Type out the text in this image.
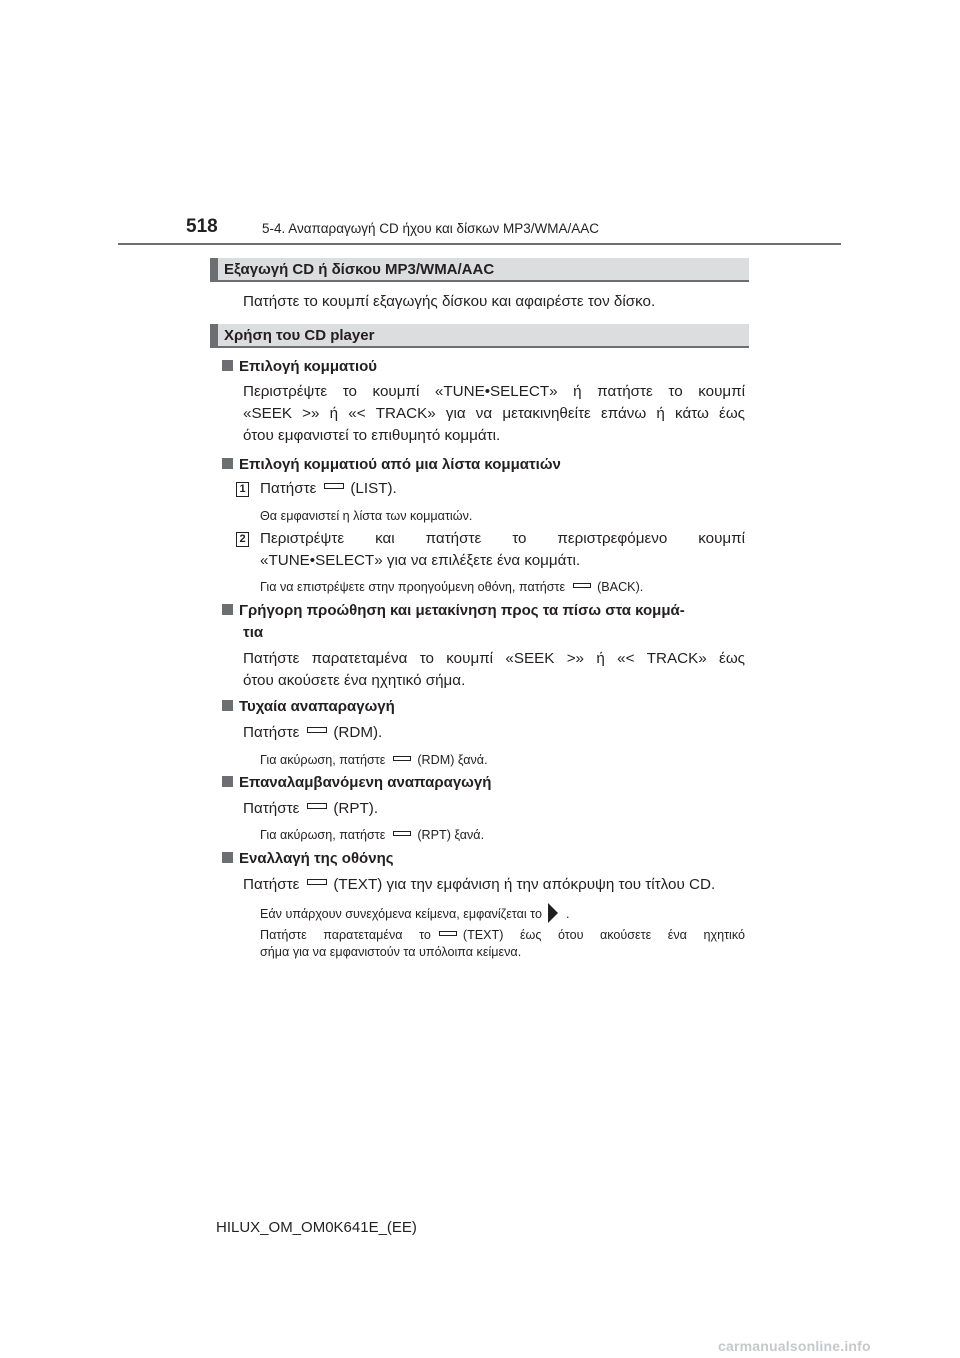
518	5-4. Αναπαραγωγή CD ήχου και δίσκων MP3/WMA/AAC
Εξαγωγή CD ή δίσκου MP3/WMA/AAC
Πατήστε το κουμπί εξαγωγής δίσκου και αφαιρέστε τον δίσκο.
Χρήση του CD player
Επιλογή κομματιού
Περιστρέψτε το κουμπί «TUNE•SELECT» ή πατήστε το κουμπί
«SEEK >» ή «< TRACK» για να μετακινηθείτε επάνω ή κάτω έως
ότου εμφανιστεί το επιθυμητό κομμάτι.
Επιλογή κομματιού από μια λίστα κομματιών
1 Πατήστε (LIST).
Θα εμφανιστεί η λίστα των κομματιών.
2 Περιστρέψτε και πατήστε το περιστρεφόμενο κουμπί
«TUNE•SELECT» για να επιλέξετε ένα κομμάτι.
Για να επιστρέψετε στην προηγούμενη οθόνη, πατήστε	(BACK).
Γρήγορη προώθηση και μετακίνηση προς τα πίσω στα κομμά-
τια
Πατήστε παρατεταμένα το κουμπί «SEEK >» ή «< TRACK» έως
ότου ακούσετε ένα ηχητικό σήμα.
Τυχαία αναπαραγωγή
Πατήστε (RDM).
Για ακύρωση, πατήστε	(RDM) ξανά.
Επαναλαμβανόμενη αναπαραγωγή
Πατήστε (RPT).
Για ακύρωση, πατήστε	(RPT) ξανά.
Εναλλαγή της οθόνης
Πατήστε (TEXT) για την εμφάνιση ή την απόκρυψη του τίτλου CD.
Εάν υπάρχουν συνεχόμενα κείμενα, εμφανίζεται το .
Πατήστε παρατεταμένα το	(TEXT) έως ότου ακούσετε ένα ηχητικό
σήμα για να εμφανιστούν τα υπόλοιπα κείμενα.
HILUX_OM_OM0K641E_(EE)
carmanualsonline.info
